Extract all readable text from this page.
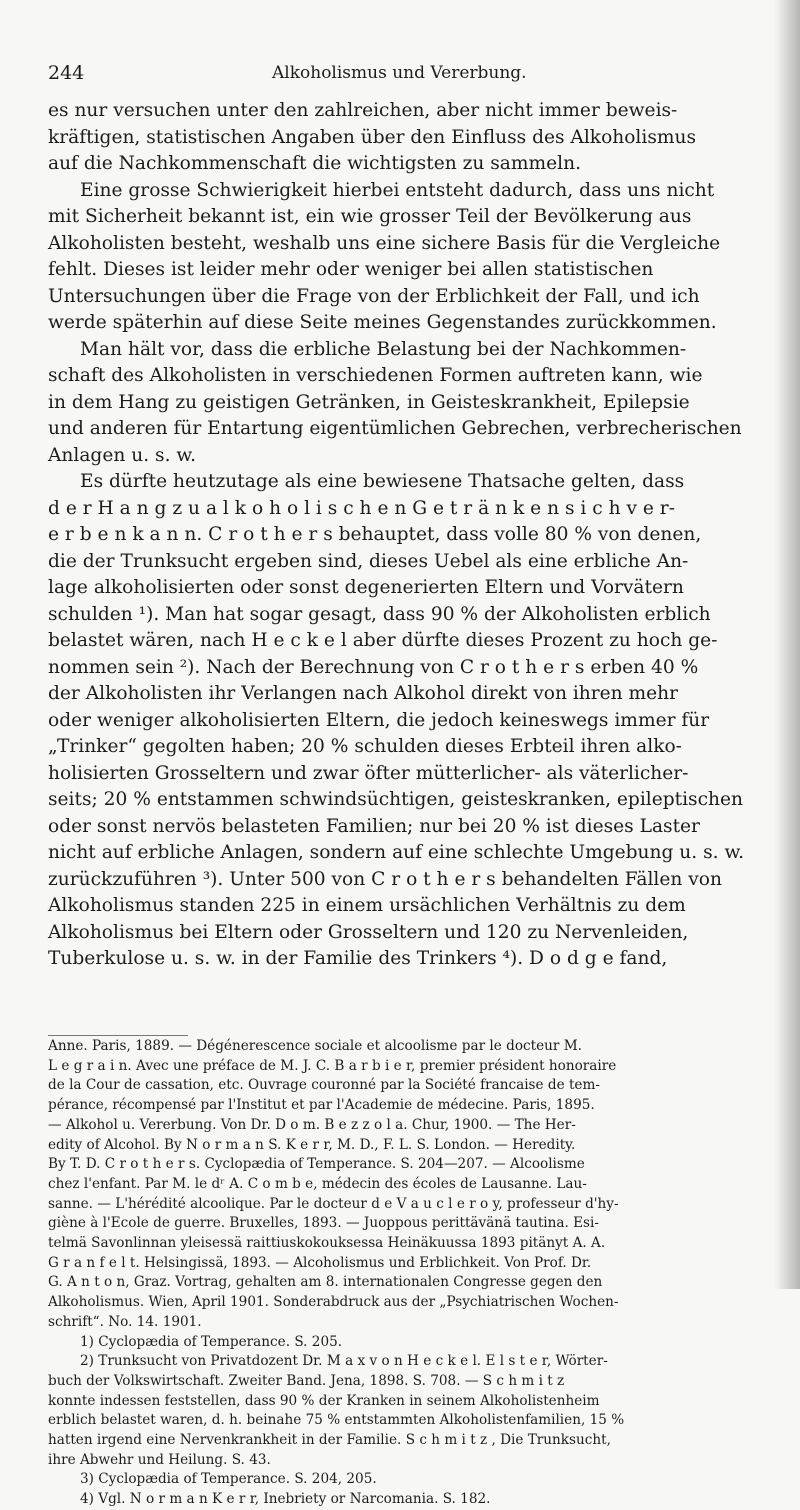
244	Alkoholismus und Vererbung.
es nur versuchen unter den zahlreichen, aber nicht immer beweis-
kräftigen, statistischen Angaben über den Einfluss des Alkoholismus
auf die Nachkommenschaft die wichtigsten zu sammeln.
Eine grosse Schwierigkeit hierbei entsteht dadurch, dass uns nicht
mit Sicherheit bekannt ist, ein wie grosser Teil der Bevölkerung aus
Alkoholisten besteht, weshalb uns eine sichere Basis für die Vergleiche
fehlt. Dieses ist leider mehr oder weniger bei allen statistischen
Untersuchungen über die Frage von der Erblichkeit der Fall, und ich
werde späterhin auf diese Seite meines Gegenstandes zurückkommen.
Man hält vor, dass die erbliche Belastung bei der Nachkommen-
schaft des Alkoholisten in verschiedenen Formen auftreten kann, wie
in dem Hang zu geistigen Getränken, in Geisteskrankheit, Epilepsie
und anderen für Entartung eigentümlichen Gebrechen, verbrecherischen
Anlagen u. s. w.
Es dürfte heutzutage als eine bewiesene Thatsache gelten, dass
d e r H a n g z u a l k o h o l i s c h e n G e t r ä n k e n s i c h v e r-
e r b e n k a n n. C r o t h e r s behauptet, dass volle 80 % von denen,
die der Trunksucht ergeben sind, dieses Uebel als eine erbliche An-
lage alkoholisierten oder sonst degenerierten Eltern und Vorvätern
schulden ¹). Man hat sogar gesagt, dass 90 % der Alkoholisten erblich
belastet wären, nach H e c k e l aber dürfte dieses Prozent zu hoch ge-
nommen sein ²). Nach der Berechnung von C r o t h e r s erben 40 %
der Alkoholisten ihr Verlangen nach Alkohol direkt von ihren mehr
oder weniger alkoholisierten Eltern, die jedoch keineswegs immer für
„Trinker“ gegolten haben; 20 % schulden dieses Erbteil ihren alko-
holisierten Grosseltern und zwar öfter mütterlicher- als väterlicher-
seits; 20 % entstammen schwindsüchtigen, geisteskranken, epileptischen
oder sonst nervös belasteten Familien; nur bei 20 % ist dieses Laster
nicht auf erbliche Anlagen, sondern auf eine schlechte Umgebung u. s. w.
zurückzuführen ³). Unter 500 von C r o t h e r s behandelten Fällen von
Alkoholismus standen 225 in einem ursächlichen Verhältnis zu dem
Alkoholismus bei Eltern oder Grosseltern und 120 zu Nervenleiden,
Tuberkulose u. s. w. in der Familie des Trinkers ⁴). D o d g e fand,
Anne. Paris, 1889. — Dégénerescence sociale et alcoolisme par le docteur M.
L e g r a i n. Avec une préface de M. J. C. B a r b i e r, premier président honoraire
de la Cour de cassation, etc. Ouvrage couronné par la Société francaise de tem-
pérance, récompensé par l'Institut et par l'Academie de médecine. Paris, 1895.
— Alkohol u. Vererbung. Von Dr. D o m. B e z z o l a. Chur, 1900. — The Her-
edity of Alcohol. By N o r m a n S. K e r r, M. D., F. L. S. London. — Heredity.
By T. D. C r o t h e r s. Cyclopædia of Temperance. S. 204—207. — Alcoolisme
chez l'enfant. Par M. le dʳ A. C o m b e, médecin des écoles de Lausanne. Lau-
sanne. — L'hérédité alcoolique. Par le docteur d e V a u c l e r o y, professeur d'hy-
giène à l'Ecole de guerre. Bruxelles, 1893. — Juoppous perittävänä tautina. Esi-
telmä Savonlinnan yleisessä raittiuskokouksessa Heinäkuussa 1893 pitänyt A. A.
G r a n f e l t. Helsingissä, 1893. — Alcoholismus und Erblichkeit. Von Prof. Dr.
G. A n t o n, Graz. Vortrag, gehalten am 8. internationalen Congresse gegen den
Alkoholismus. Wien, April 1901. Sonderabdruck aus der „Psychiatrischen Wochen-
schrift“. No. 14. 1901.
1) Cyclopædia of Temperance. S. 205.
2) Trunksucht von Privatdozent Dr. M a x v o n H e c k e l. E l s t e r, Wörter-
buch der Volkswirtschaft. Zweiter Band. Jena, 1898. S. 708. — S c h m i t z
konnte indessen feststellen, dass 90 % der Kranken in seinem Alkoholistenheim
erblich belastet waren, d. h. beinahe 75 % entstammten Alkoholistenfamilien, 15 %
hatten irgend eine Nervenkrankheit in der Familie. S c h m i t z , Die Trunksucht,
ihre Abwehr und Heilung. S. 43.
3) Cyclopædia of Temperance. S. 204, 205.
4) Vgl. N o r m a n K e r r, Inebriety or Narcomania. S. 182.
